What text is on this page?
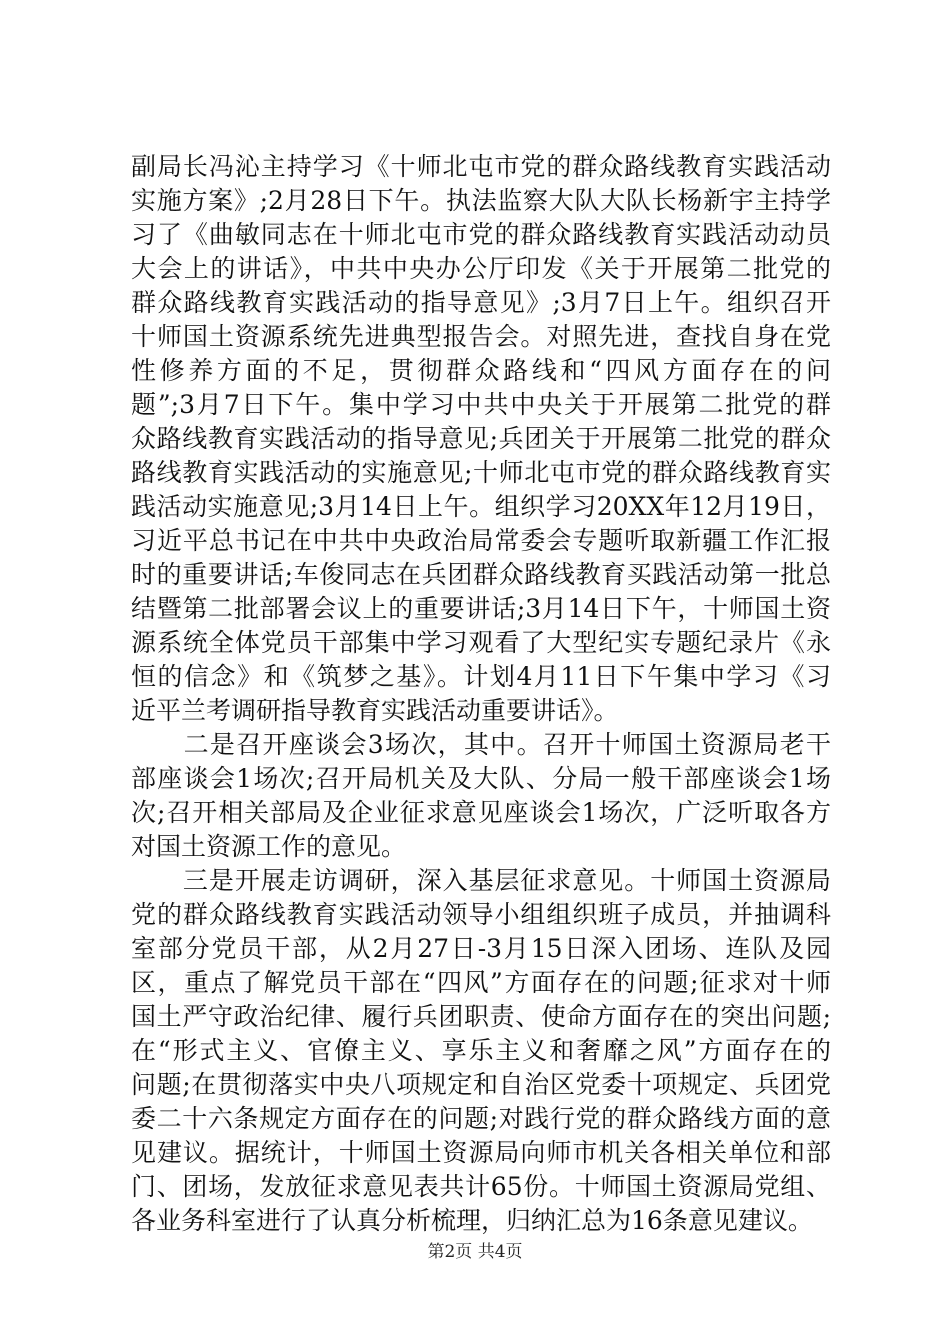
副局长冯沁主持学习《十师北屯市党的群众路线教育实践活动
实施方案》;2月28日下午。执法监察大队大队长杨新宇主持学
习了《曲敏同志在十师北屯市党的群众路线教育实践活动动员
大会上的讲话》，中共中央办公厅印发《关于开展第二批党的
群众路线教育实践活动的指导意见》;3月7日上午。组织召开
十师国土资源系统先进典型报告会。对照先进，查找自身在党
性修养方面的不足，贯彻群众路线和“四风方面存在的问
题”;3月7日下午。集中学习中共中央关于开展第二批党的群
众路线教育实践活动的指导意见;兵团关于开展第二批党的群众
路线教育实践活动的实施意见;十师北屯市党的群众路线教育实
践活动实施意见;3月14日上午。组织学习20XX年12月19日，
习近平总书记在中共中央政治局常委会专题听取新疆工作汇报
时的重要讲话;车俊同志在兵团群众路线教育买践活动第一批总
结暨第二批部署会议上的重要讲话;3月14日下午，十师国土资
源系统全体党员干部集中学习观看了大型纪实专题纪录片《永
恒的信念》和《筑梦之基》。计划4月11日下午集中学习《习
近平兰考调研指导教育实践活动重要讲话》。
　　二是召开座谈会3场次，其中。召开十师国土资源局老干
部座谈会1场次;召开局机关及大队、分局一般干部座谈会1场
次;召开相关部局及企业征求意见座谈会1场次，广泛听取各方
对国土资源工作的意见。
　　三是开展走访调研，深入基层征求意见。十师国土资源局
党的群众路线教育实践活动领导小组组织班子成员，并抽调科
室部分党员干部，从2月27日-3月15日深入团场、连队及园
区，重点了解党员干部在“四风”方面存在的问题;征求对十师
国土严守政治纪律、履行兵团职责、使命方面存在的突出问题;
在“形式主义、官僚主义、享乐主义和奢靡之风”方面存在的
问题;在贯彻落实中央八项规定和自治区党委十项规定、兵团党
委二十六条规定方面存在的问题;对践行党的群众路线方面的意
见建议。据统计，十师国土资源局向师市机关各相关单位和部
门、团场，发放征求意见表共计65份。十师国土资源局党组、
各业务科室进行了认真分析梳理，归纳汇总为16条意见建议。
第2页 共4页
